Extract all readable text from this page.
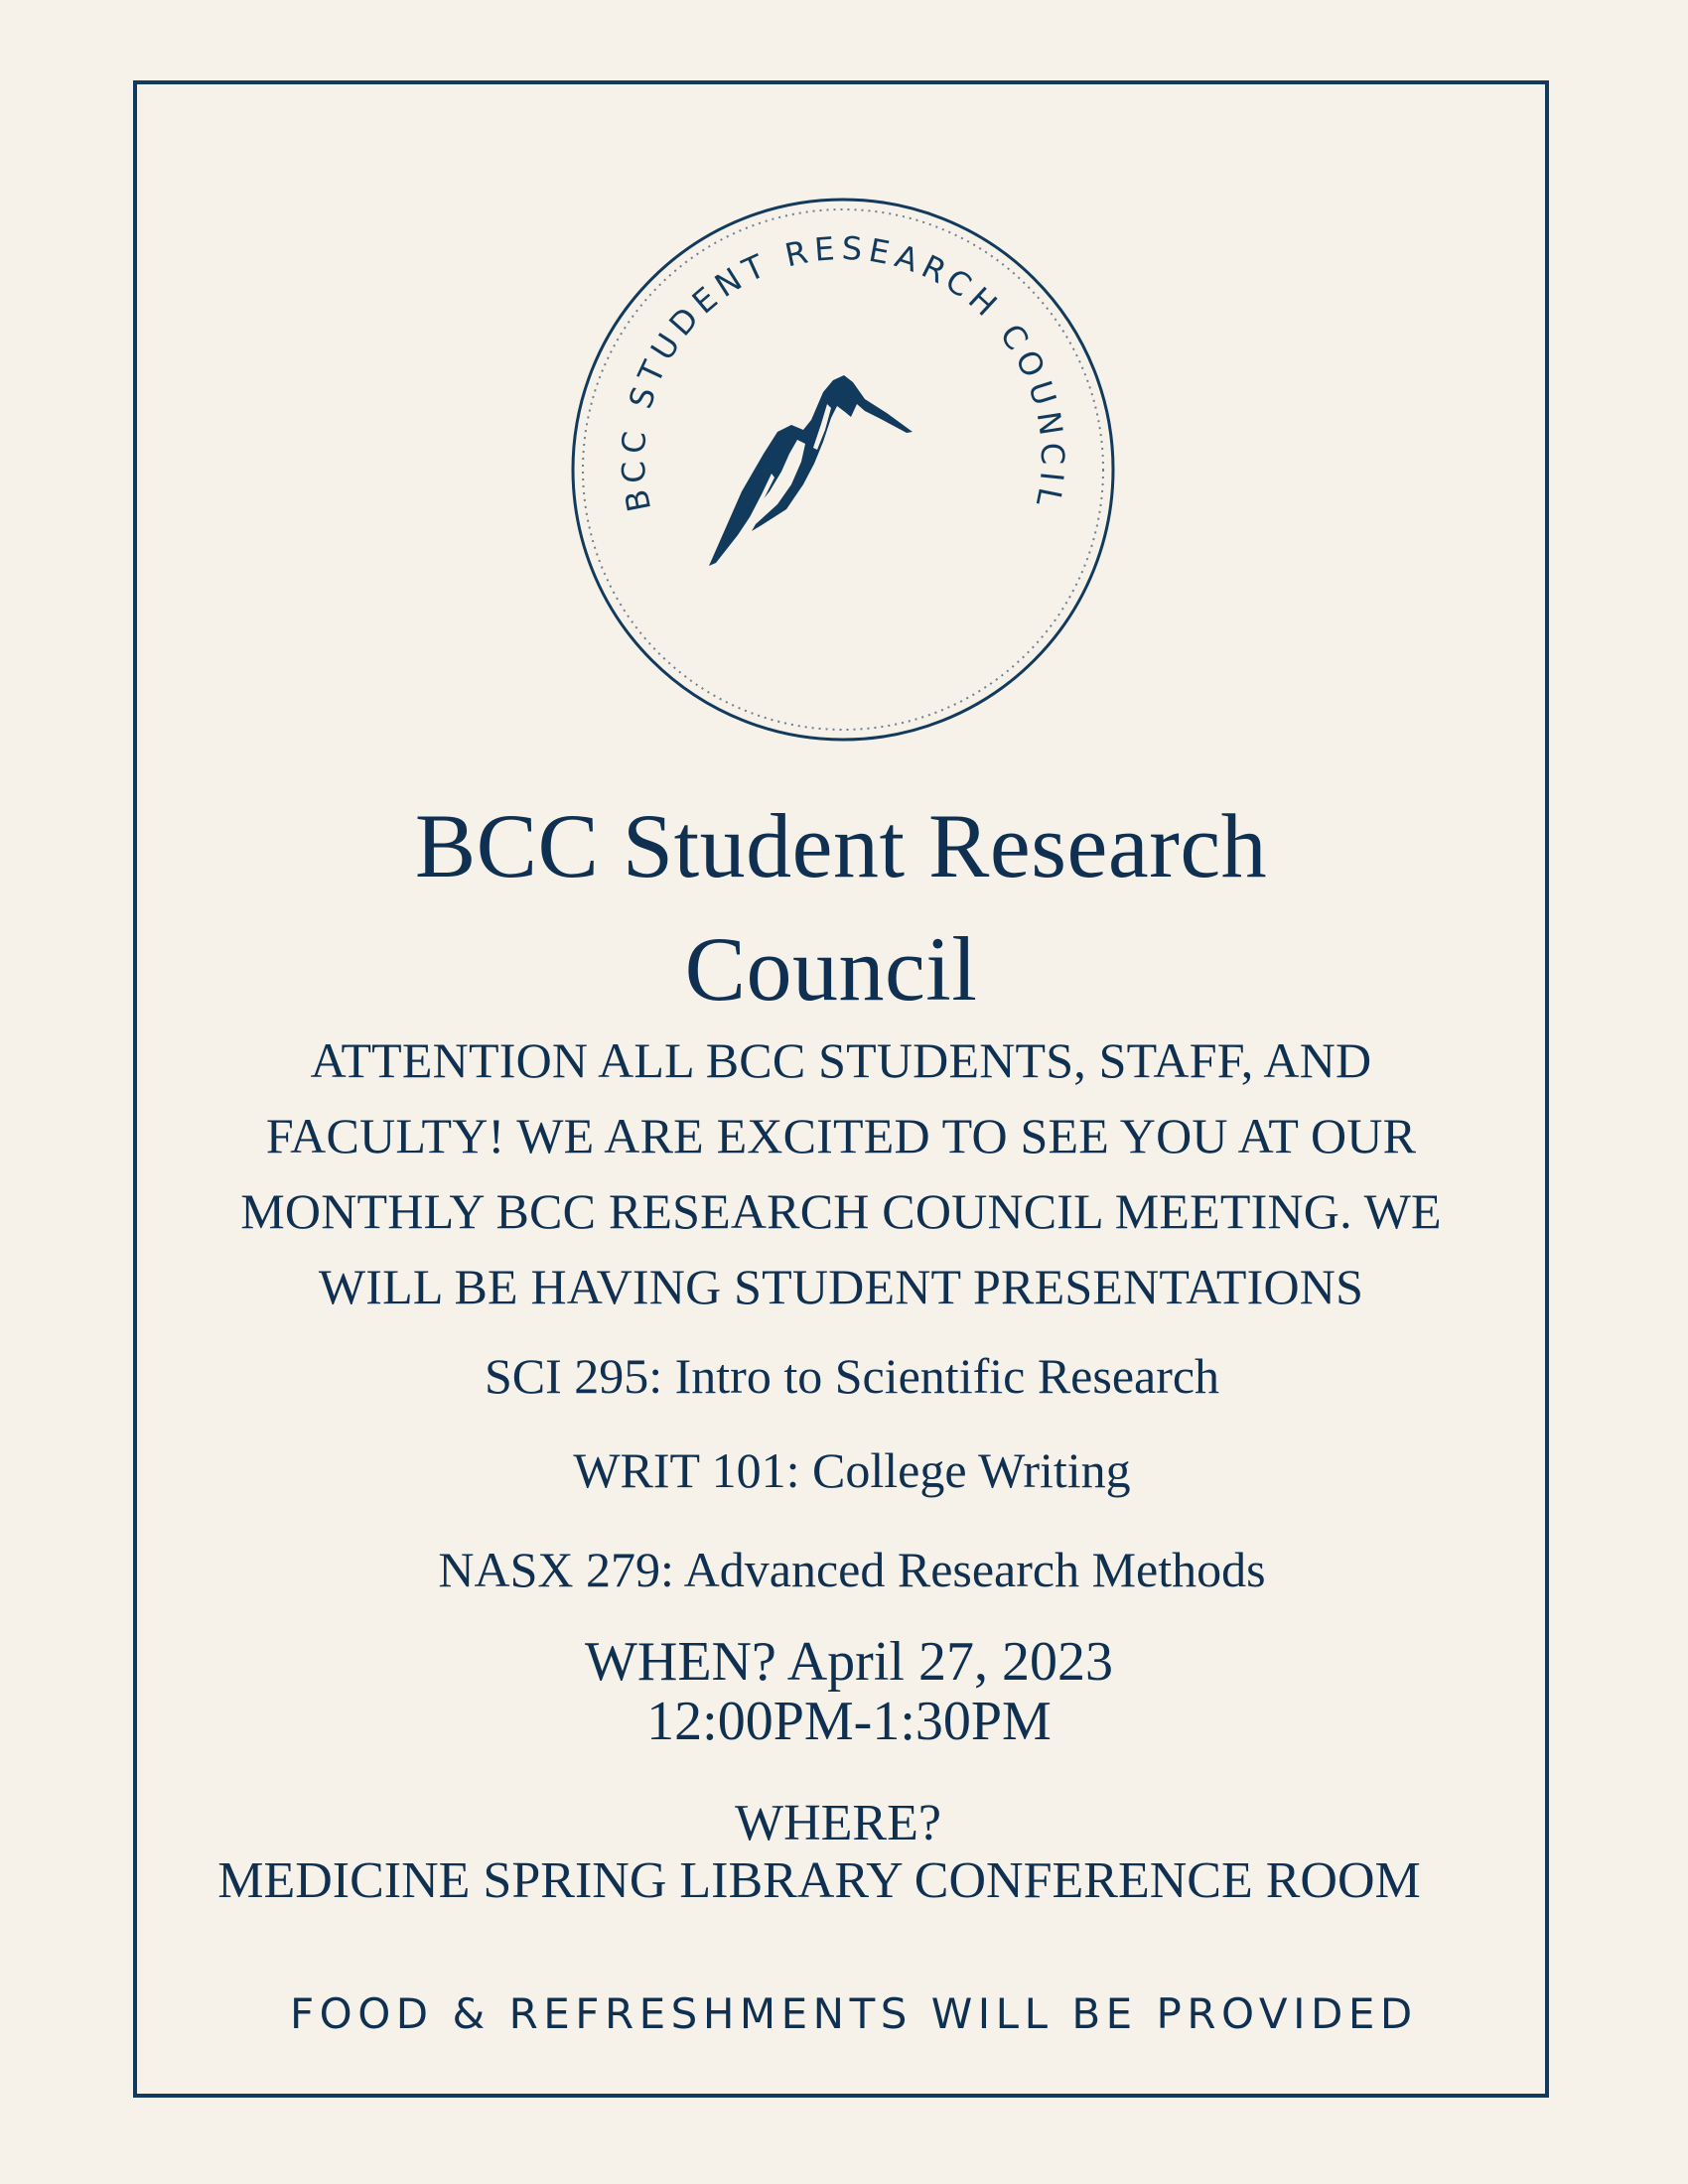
BCC STUDENT RESEARCH COUNCIL
BCC Student Research
Council
ATTENTION ALL BCC STUDENTS, STAFF, AND
FACULTY! WE ARE EXCITED TO SEE YOU AT OUR
MONTHLY BCC RESEARCH COUNCIL MEETING. WE
WILL BE HAVING STUDENT PRESENTATIONS

SCI 295: Intro to Scientific Research

WRIT 101: College Writing

NASX 279: Advanced Research Methods

WHEN? April 27, 2023

12:00PM-1:30PM

WHERE?

MEDICINE SPRING LIBRARY CONFERENCE ROOM

FOOD & REFRESHMENTS WILL BE PROVIDED
